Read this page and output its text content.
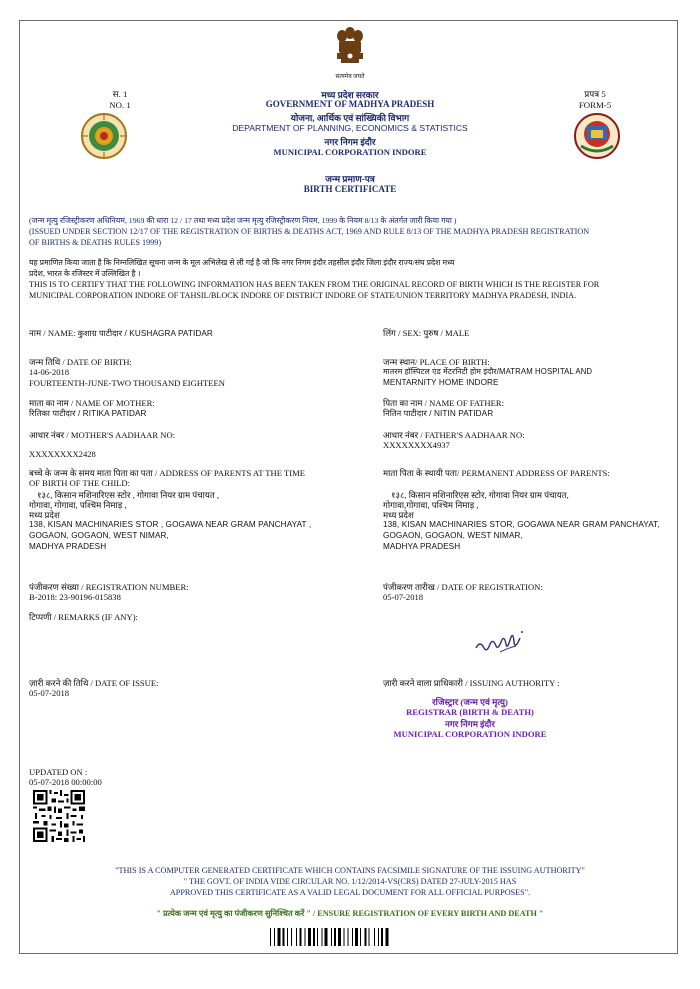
सत्यमेव जयते
स. 1
NO. 1
प्रपत्र 5
FORM-5
मध्य प्रदेश सरकार
GOVERNMENT OF MADHYA PRADESH
योजना, आर्थिक एवं सांख्यिकी विभाग
DEPARTMENT OF PLANNING, ECONOMICS & STATISTICS
नगर निगम इंदौर
MUNICIPAL CORPORATION INDORE
जन्म प्रमाण-पत्र
BIRTH CERTIFICATE
(जन्म मृत्यु रजिस्ट्रीकरण अधिनियम, 1969 की धारा 12 / 17 तथा मध्य प्रदेश जन्म मृत्यु रजिस्ट्रीकरण नियम, 1999 के नियम 8/13 के अंतर्गत जारी किया गया )
(ISSUED UNDER SECTION 12/17 OF THE REGISTRATION OF BIRTHS & DEATHS ACT, 1969 AND RULE 8/13 OF THE MADHYA PRADESH REGISTRATION
OF BIRTHS & DEATHS RULES 1999)
यह प्रमाणित किया जाता है कि निम्नलिखित सूचना जन्म के मूल अभिलेख से ली गई है जो कि नगर निगम इंदौर तहसील इंदौर जिला इंदौर राज्य/संघ प्रदेश मध्य
प्रदेश, भारत के रजिस्टर में उल्लिखित है ।
THIS IS TO CERTIFY THAT THE FOLLOWING INFORMATION HAS BEEN TAKEN FROM THE ORIGINAL RECORD OF BIRTH WHICH IS THE REGISTER FOR
MUNICIPAL CORPORATION INDORE OF TAHSIL/BLOCK INDORE OF DISTRICT INDORE OF STATE/UNION TERRITORY MADHYA PRADESH, INDIA.
नाम / NAME: कुशाग्र पाटीदार / KUSHAGRA PATIDAR	लिंग / SEX: पुरुष / MALE
जन्म तिथि / DATE OF BIRTH:
14-06-2018
FOURTEENTH-JUNE-TWO THOUSAND EIGHTEEN
जन्म स्थान/ PLACE OF BIRTH:
मातरम हॉस्पिटल एंड मेंटरनिटी होम इंदौर/MATRAM HOSPITAL AND
MENTARNITY HOME INDORE
माता का नाम / NAME OF MOTHER:
रितिका पाटीदार / RITIKA PATIDAR
पिता का नाम / NAME OF FATHER:
नितिन पाटीदार / NITIN PATIDAR
आधार नंबर / MOTHER'S AADHAAR NO:
XXXXXXXX2428
आधार नंबर / FATHER'S AADHAAR NO:
XXXXXXXX4937
बच्चे के जन्म के समय माता पिता का पता / ADDRESS OF PARENTS AT THE TIME
OF BIRTH OF THE CHILD:
१३८, किसान मशिनारिएस स्टोर , गोगावा नियर ग्राम पंचायत ,
गोगावा, गोगावा, पश्चिम निमाड़ ,
मध्य प्रदेश
138, KISAN MACHINARIES STOR , GOGAWA NEAR GRAM PANCHAYAT ,
GOGAON, GOGAON, WEST NIMAR,
MADHYA PRADESH
माता पिता के स्थायी पता/ PERMANENT ADDRESS OF PARENTS:
१३८, किसान मशिनारिएस स्टोर, गोगावा नियर ग्राम पंचायत,
गोगावा,गोगावा, पश्चिम निमाड़ ,
मध्य प्रदेश
138, KISAN MACHINARIES STOR, GOGAWA NEAR GRAM PANCHAYAT,
GOGAON, GOGAON, WEST NIMAR,
MADHYA PRADESH
पंजीकरण संख्या / REGISTRATION NUMBER:
B-2018: 23-90196-015838
पंजीकरण तारीख / DATE OF REGISTRATION:
05-07-2018
टिप्पणी / REMARKS (IF ANY):
ज़ारी करने की तिथि / DATE OF ISSUE:
05-07-2018
ज़ारी करने वाला प्राधिकारी / ISSUING AUTHORITY :
रजिस्ट्रार (जन्म एवं मृत्यु)
REGISTRAR (BIRTH & DEATH)
नगर निगम इंदौर
MUNICIPAL CORPORATION INDORE
UPDATED ON :
05-07-2018 00:00:00
"THIS IS A COMPUTER GENERATED CERTIFICATE WHICH CONTAINS FACSIMILE SIGNATURE OF THE ISSUING AUTHORITY"
" THE GOVT. OF INDIA VIDE CIRCULAR NO. 1/12/2014-VS(CRS) DATED 27-JULY-2015 HAS
APPROVED THIS CERTIFICATE AS A VALID LEGAL DOCUMENT FOR ALL OFFICIAL PURPOSES".
" प्रत्येक जन्म एवं मृत्यु का पंजीकरण सुनिश्चित करें " / ENSURE REGISTRATION OF EVERY BIRTH AND DEATH "
